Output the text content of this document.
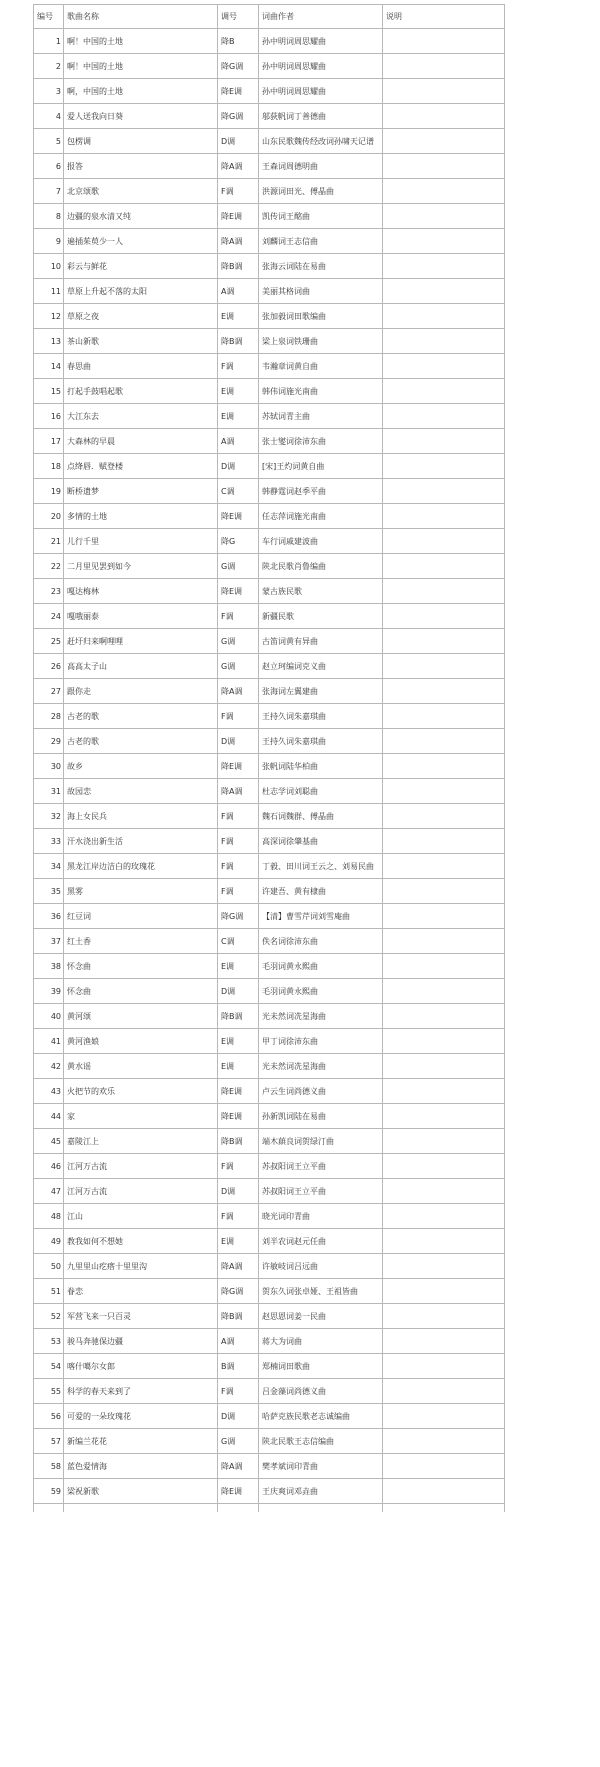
编号	歌曲名称	调号	词曲作者	说明
1	啊！中国的土地	降B	孙中明词周思耀曲	
2	啊！中国的土地	降G调	孙中明词周思耀曲	
3	啊，中国的土地	降E调	孙中明词周思耀曲	
4	爱人送我向日葵	降G调	邬荻帆词丁善德曲	
5	包楞调	D调	山东民歌魏传经改词孙啸天记谱	
6	报答	降A调	王森词周德明曲	
7	北京颂歌	F调	洪源词田光、傅晶曲	
8	边疆的泉水清又纯	降E调	凯传词王酩曲	
9	遍插茱萸少一人	降A调	刘麟词王志信曲	
10	彩云与鲜花	降B调	张海云词陆在易曲	
11	草原上升起不落的太阳	A调	美丽其格词曲	
12	草原之夜	E调	张加毅词田歌编曲	
13	茶山新歌	降B调	梁上泉词铁珊曲	
14	春思曲	F调	韦瀚章词黄自曲	
15	打起手鼓唱起歌	E调	韩伟词施光南曲	
16	大江东去	E调	苏轼词青主曲	
17	大森林的早晨	A调	张士燮词徐沛东曲	
18	点绛唇．赋登楼	D调	[宋]王灼词黄自曲	
19	断桥遗梦	C调	韩静霆词赵季平曲	
20	多情的土地	降E调	任志萍词施光南曲	
21	儿行千里	降G	车行词戚建波曲	
22	二月里见罢到如今	G调	陕北民歌肖鲁编曲	
23	嘎达梅林	降E调	蒙古族民歌	
24	嘎哦丽泰	F调	新疆民歌	
25	赶圩归来啊哩哩	G调	古笛词黄有异曲	
26	高高太子山	G调	赵立珂编词克义曲	
27	跟你走	降A调	张海词左翼建曲	
28	古老的歌	F调	王持久词朱嘉琪曲	
29	古老的歌	D调	王持久词朱嘉琪曲	
30	故乡	降E调	张帆词陆华柏曲	
31	故园恋	降A调	杜志学词刘聪曲	
32	海上女民兵	F调	魏石词魏群、傅晶曲	
33	汗水浇出新生活	F调	高深词徐肇基曲	
34	黑龙江岸边洁白的玫瑰花	F调	丁毅、田川词王云之、刘易民曲	
35	黑雾	F调	许建吾、黄有棣曲	
36	红豆词	降G调	【清】曹雪芹词刘雪庵曲	
37	红土香	C调	佚名词徐沛东曲	
38	怀念曲	E调	毛羽词黄永熙曲	
39	怀念曲	D调	毛羽词黄永熙曲	
40	黄河颂	降B调	光未然词冼星海曲	
41	黄河渔娘	E调	甲丁词徐沛东曲	
42	黄水谣	E调	光未然词冼星海曲	
43	火把节的欢乐	降E调	卢云生词尚德义曲	
44	家	降E调	孙新凯词陆在易曲	
45	嘉陵江上	降B调	端木蕻良词贺绿汀曲	
46	江河万古流	F调	苏叔阳词王立平曲	
47	江河万古流	D调	苏叔阳词王立平曲	
48	江山	F调	晓光词印青曲	
49	教我如何不想她	E调	刘半农词赵元任曲	
50	九里里山疙瘩十里里沟	降A调	许敏岐词吕远曲	
51	眷恋	降G调	贺东久词张卓娅、王祖皆曲	
52	军营飞来一只百灵	降B调	赵思恩词姜一民曲	
53	骏马奔驰保边疆	A调	蒋大为词曲	
54	喀什噶尔女郎	B调	郑楠词田歌曲	
55	科学的春天来到了	F调	吕金藻词尚德义曲	
56	可爱的一朵玫瑰花	D调	哈萨克族民歌老志诚编曲	
57	新编兰花花	G调	陕北民歌王志信编曲	
58	蓝色爱情海	降A调	樊孝斌词印青曲	
59	梁祝新歌	降E调	王庆爽词邓垚曲	
